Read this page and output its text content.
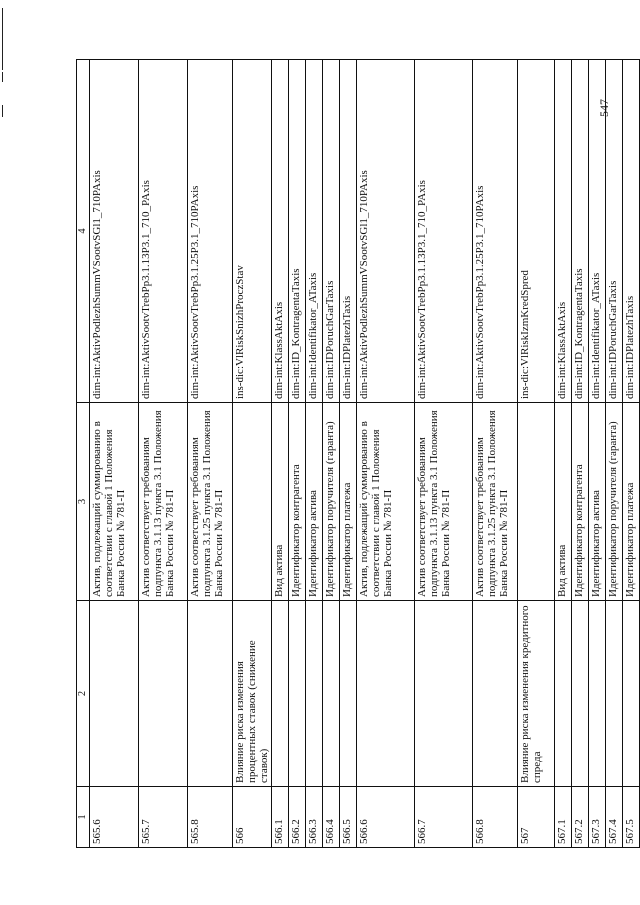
547
1	2	3	4
565.6		Актив, подлежащий суммированию в соответствии с главой 1 Положения Банка России № 781-П	dim-int:AktivPodlezhSummVSootvSGl1_710PAxis
565.7		Актив соответствует требованиям подпункта 3.1.13 пункта 3.1 Положения Банка России № 781-П	dim-int:AktivSootvTrebPp3.1.13P3.1_710_PAxis
565.8		Актив соответствует требованиям подпункта 3.1.25 пункта 3.1 Положения Банка России № 781-П	dim-int:AktivSootvTrebPp3.1.25P3.1_710PAxis
566	Влияние риска изменения процентных ставок (снижение ставок)		ins-dic:VlRiskSnizhProczStav
566.1		Вид актива	dim-int:KlassAktAxis
566.2		Идентификатор контрагента	dim-int:ID_KontragentaTaxis
566.3		Идентификатор актива	dim-int:Identifikator_ATaxis
566.4		Идентификатор поручителя (гаранта)	dim-int:IDPoruchGarTaxis
566.5		Идентификатор платежа	dim-int:IDPlatezhTaxis
566.6		Актив, подлежащий суммированию в соответствии с главой 1 Положения Банка России № 781-П	dim-int:AktivPodlezhSummVSootvSGl1_710PAxis
566.7		Актив соответствует требованиям подпункта 3.1.13 пункта 3.1 Положения Банка России № 781-П	dim-int:AktivSootvTrebPp3.1.13P3.1_710_PAxis
566.8		Актив соответствует требованиям подпункта 3.1.25 пункта 3.1 Положения Банка России № 781-П	dim-int:AktivSootvTrebPp3.1.25P3.1_710PAxis
567	Влияние риска изменения кредитного спреда		ins-dic:VlRiskIzmKredSpred
567.1		Вид актива	dim-int:KlassAktAxis
567.2		Идентификатор контрагента	dim-int:ID_KontragentaTaxis
567.3		Идентификатор актива	dim-int:Identifikator_ATaxis
567.4		Идентификатор поручителя (гаранта)	dim-int:IDPoruchGarTaxis
567.5		Идентификатор платежа	dim-int:IDPlatezhTaxis
